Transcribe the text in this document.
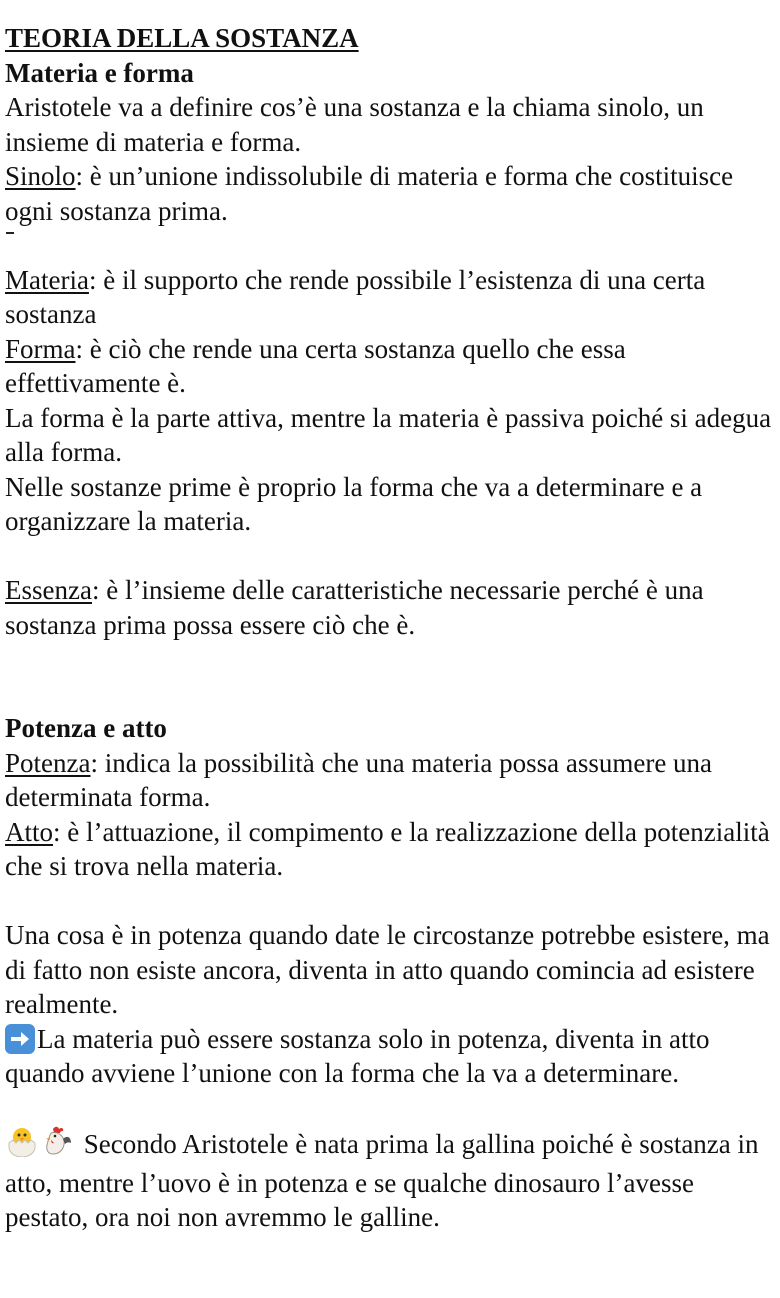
TEORIA DELLA SOSTANZA

Materia e forma

Aristotele va a definire cos’è una sostanza e la chiama sinolo, un insieme di materia e forma.

Sinolo: è un’unione indissolubile di materia e forma che costituisce ogni sostanza prima.

Materia: è il supporto che rende possibile l’esistenza di una certa sostanza

Forma: è ciò che rende una certa sostanza quello che essa effettivamente è.

La forma è la parte attiva, mentre la materia è passiva poiché si adegua alla forma.

Nelle sostanze prime è proprio la forma che va a determinare e a organizzare la materia.

Essenza: è l’insieme delle caratteristiche necessarie perché è una sostanza prima possa essere ciò che è.

Potenza e atto

Potenza: indica la possibilità che una materia possa assumere una determinata forma.

Atto: è l’attuazione, il compimento e la realizzazione della potenzialità che si trova nella materia.

Una cosa è in potenza quando date le circostanze potrebbe esistere, ma di fatto non esiste ancora, diventa in atto quando comincia ad esistere realmente.

La materia può essere sostanza solo in potenza, diventa in atto quando avviene l’unione con la forma che la va a determinare.

Secondo Aristotele è nata prima la gallina poiché è sostanza in atto, mentre l’uovo è in potenza e se qualche dinosauro l’avesse pestato, ora noi non avremmo le galline.
